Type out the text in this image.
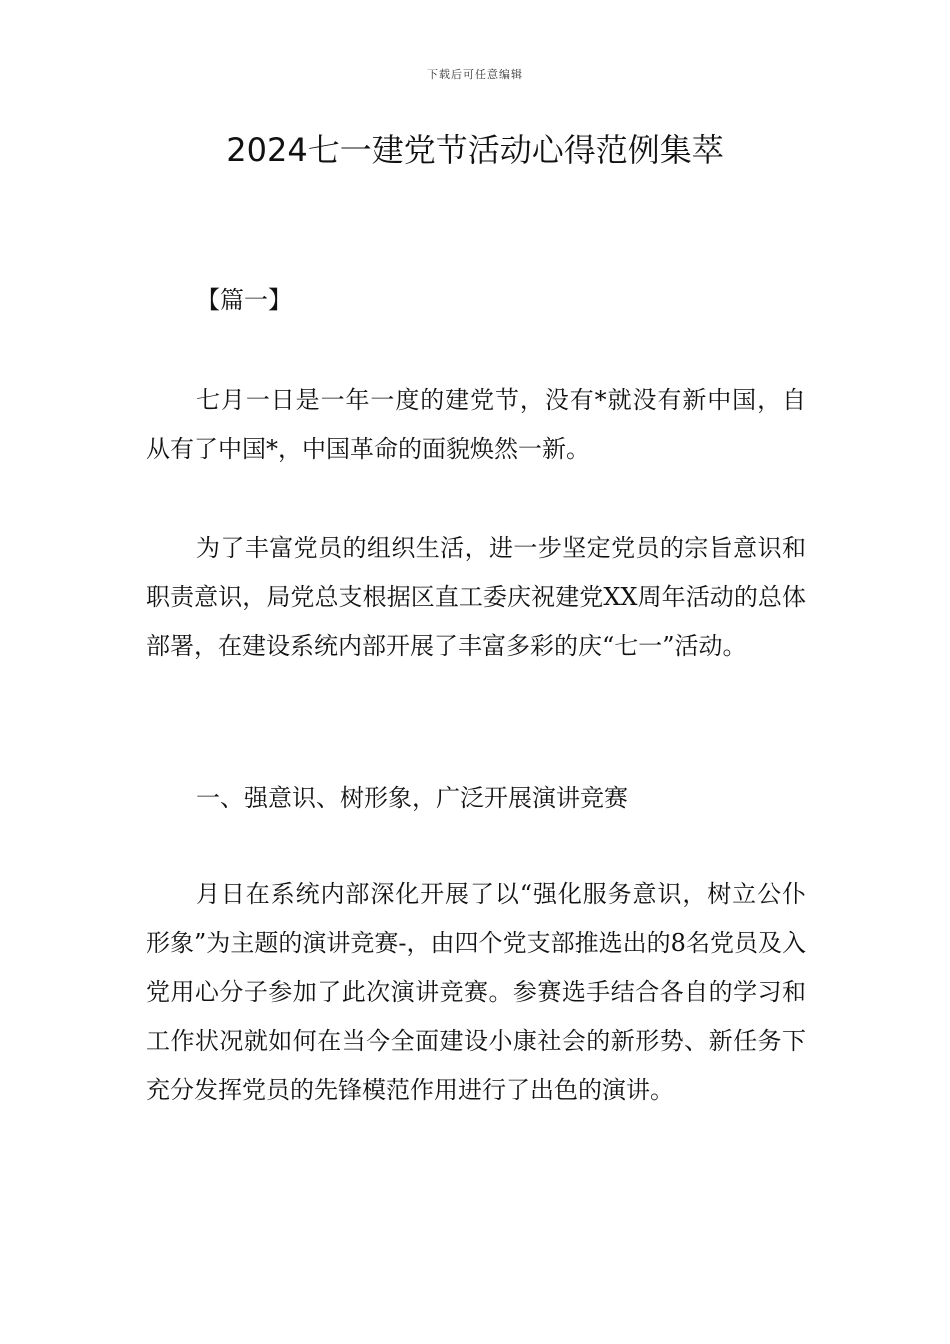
下载后可任意编辑
2024七一建党节活动心得范例集萃

【篇一】

七月一日是一年一度的建党节，没有*就没有新中国，自从有了中国*，中国革命的面貌焕然一新。

为了丰富党员的组织生活，进一步坚定党员的宗旨意识和职责意识，局党总支根据区直工委庆祝建党XX周年活动的总体部署，在建设系统内部开展了丰富多彩的庆“七一”活动。

一、强意识、树形象，广泛开展演讲竞赛

月日在系统内部深化开展了以“强化服务意识，树立公仆形象”为主题的演讲竞赛-，由四个党支部推选出的8名党员及入党用心分子参加了此次演讲竞赛。参赛选手结合各自的学习和工作状况就如何在当今全面建设小康社会的新形势、新任务下充分发挥党员的先锋模范作用进行了出色的演讲。
